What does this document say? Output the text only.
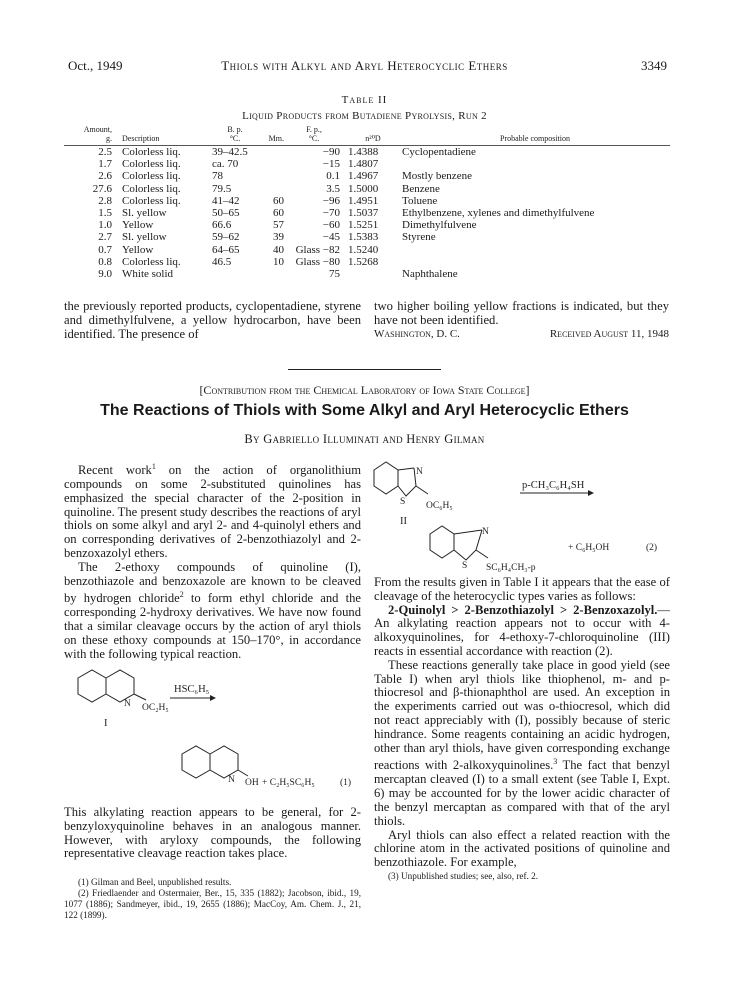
Oct., 1949	Thiols with Alkyl and Aryl Heterocyclic Ethers	3349
Table II
Liquid Products from Butadiene Pyrolysis, Run 2
Amount,
g.	Description	B. p.
°C.	Mm.	F. p.,
°C.	n²⁰D	Probable composition
2.5	Colorless liq.	39–42.5		−90	1.4388	Cyclopentadiene
1.7	Colorless liq.	ca. 70		−15	1.4807	
2.6	Colorless liq.	78		0.1	1.4967	Mostly benzene
27.6	Colorless liq.	79.5		3.5	1.5000	Benzene
2.8	Colorless liq.	41–42	60	−96	1.4951	Toluene
1.5	Sl. yellow	50–65	60	−70	1.5037	Ethylbenzene, xylenes and dimethylfulvene
1.0	Yellow	66.6	57	−60	1.5251	Dimethylfulvene
2.7	Sl. yellow	59–62	39	−45	1.5383	Styrene
0.7	Yellow	64–65	40	Glass −82	1.5240	
0.8	Colorless liq.	46.5	10	Glass −80	1.5268	
9.0	White solid			75		Naphthalene
the previously reported products, cyclopentadiene, styrene and dimethylfulvene, a yellow hydrocarbon, have been identified. The presence of
two higher boiling yellow fractions is indicated, but they have not been identified.
Washington, D. C.	Received August 11, 1948
[Contribution from the Chemical Laboratory of Iowa State College]
The Reactions of Thiols with Some Alkyl and Aryl Heterocyclic Ethers
By Gabriello Illuminati and Henry Gilman

Recent work$^1$ on the action of organolithium compounds on some 2-substituted quinolines has emphasized the special character of the 2-position in quinoline. The present study describes the reactions of aryl thiols on some alkyl and aryl 2- and 4-quinolyl ethers and on corresponding derivatives of 2-benzothiazolyl and 2-benzoxazolyl ethers.

The 2-ethoxy compounds of quinoline (I), benzothiazole and benzoxazole are known to be cleaved by hydrogen chloride$^2$ to form ethyl chloride and the corresponding 2-hydroxy derivatives. We have now found that a similar cleavage occurs by the action of aryl thiols on these ethoxy compounds at 150–170°, in accordance with the following typical reaction.

N OC₂H₅
HSC₆H₅
I
N OH + C₂H₅SC₆H₅	(1)

This alkylating reaction appears to be general, for 2-benzyloxyquinoline behaves in an analogous manner. However, with aryloxy compounds, the following representative cleavage reaction takes place.

(1) Gilman and Beel, unpublished results.

(2) Friedlaender and Ostermaier, Ber., 15, 335 (1882); Jacobson, ibid., 19, 1077 (1886); Sandmeyer, ibid., 19, 2655 (1886); MacCoy, Am. Chem. J., 21, 122 (1899).

N
S OC₆H₅
p-CH₃C₆H₄SH
II
N
S SC₆H₄CH₃-p
+ C₆H₅OH	(2)

From the results given in Table I it appears that the ease of cleavage of the heterocyclic types varies as follows:

2-Quinolyl > 2-Benzothiazolyl > 2-Benzoxazolyl.—An alkylating reaction appears not to occur with 4-alkoxyquinolines, for 4-ethoxy-7-chloroquinoline (III) reacts in essential accordance with reaction (2).

These reactions generally take place in good yield (see Table I) when aryl thiols like thiophenol, m- and p-thiocresol and β-thionaphthol are used. An exception in the experiments carried out was o-thiocresol, which did not react appreciably with (I), possibly because of steric hindrance. Some reagents containing an acidic hydrogen, other than aryl thiols, have given corresponding exchange reactions with 2-alkoxyquinolines.$^3$ The fact that benzyl mercaptan cleaved (I) to a small extent (see Table I, Expt. 6) may be accounted for by the lower acidic character of the benzyl mercaptan as compared with that of the aryl thiols.

Aryl thiols can also effect a related reaction with the chlorine atom in the activated positions of quinoline and benzothiazole. For example,

(3) Unpublished studies; see, also, ref. 2.
